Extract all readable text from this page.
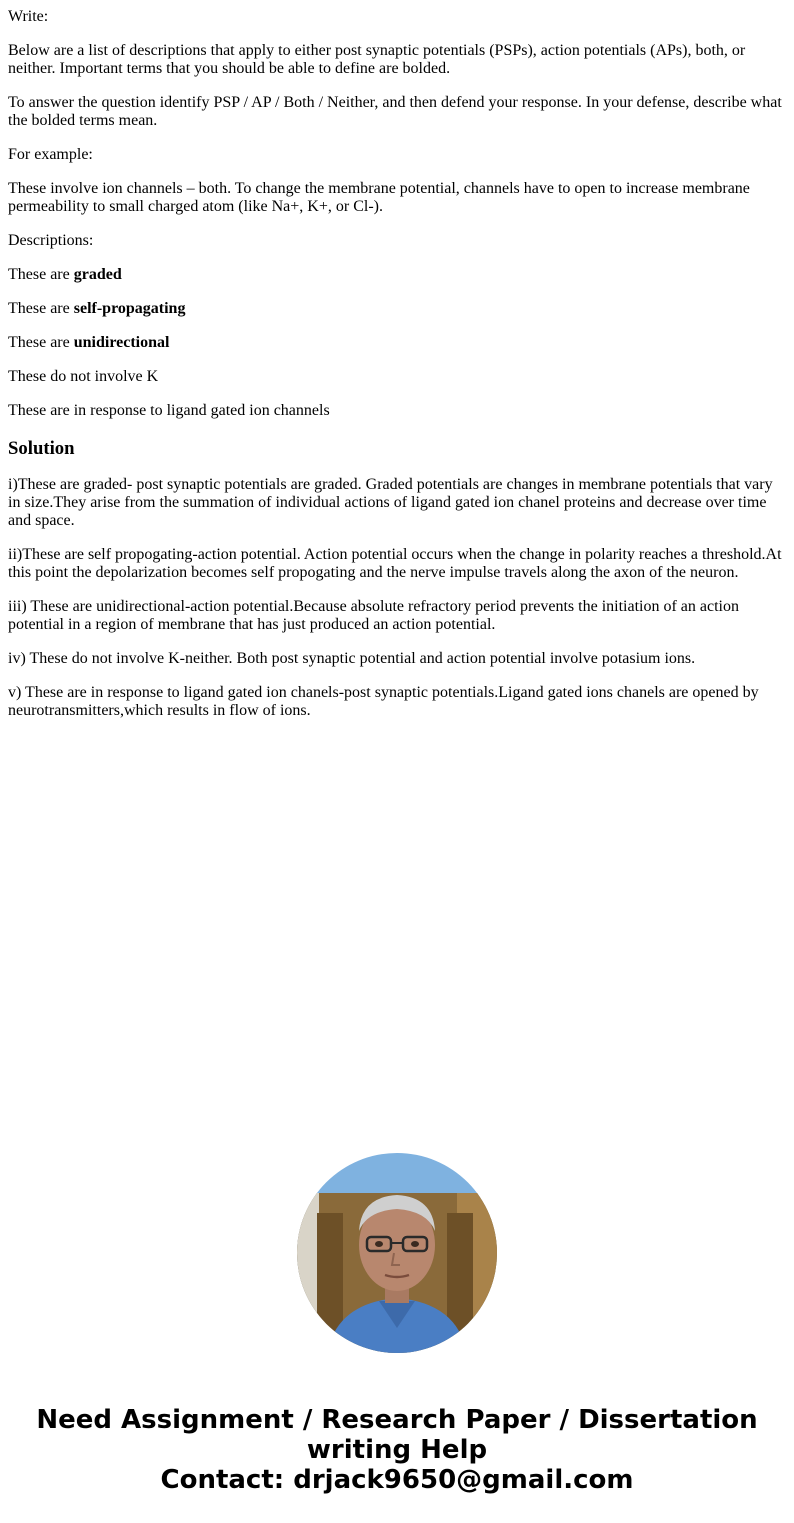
Write:

Below are a list of descriptions that apply to either post synaptic potentials (PSPs), action potentials (APs), both, or neither. Important terms that you should be able to define are bolded.

To answer the question identify PSP / AP / Both / Neither, and then defend your response. In your defense, describe what the bolded terms mean.

For example:

These involve ion channels – both. To change the membrane potential, channels have to open to increase membrane permeability to small charged atom (like Na+, K+, or Cl-).

Descriptions:

These are graded

These are self-propagating

These are unidirectional

These do not involve K

These are in response to ligand gated ion channels

Solution

i)These are graded- post synaptic potentials are graded. Graded potentials are changes in membrane potentials that vary in size.They arise from the summation of individual actions of ligand gated ion chanel proteins and decrease over time and space.

ii)These are self propogating-action potential. Action potential occurs when the change in polarity reaches a threshold.At this point the depolarization becomes self propogating and the nerve impulse travels along the axon of the neuron.

iii) These are unidirectional-action potential.Because absolute refractory period prevents the initiation of an action potential in a region of membrane that has just produced an action potential.

iv) These do not involve K-neither. Both post synaptic potential and action potential involve potasium ions.

v) These are in response to ligand gated ion chanels-post synaptic potentials.Ligand gated ions chanels are opened by neurotransmitters,which results in flow of ions.

Need Assignment / Research Paper / Dissertation
writing Help
Contact: drjack9650@gmail.com
